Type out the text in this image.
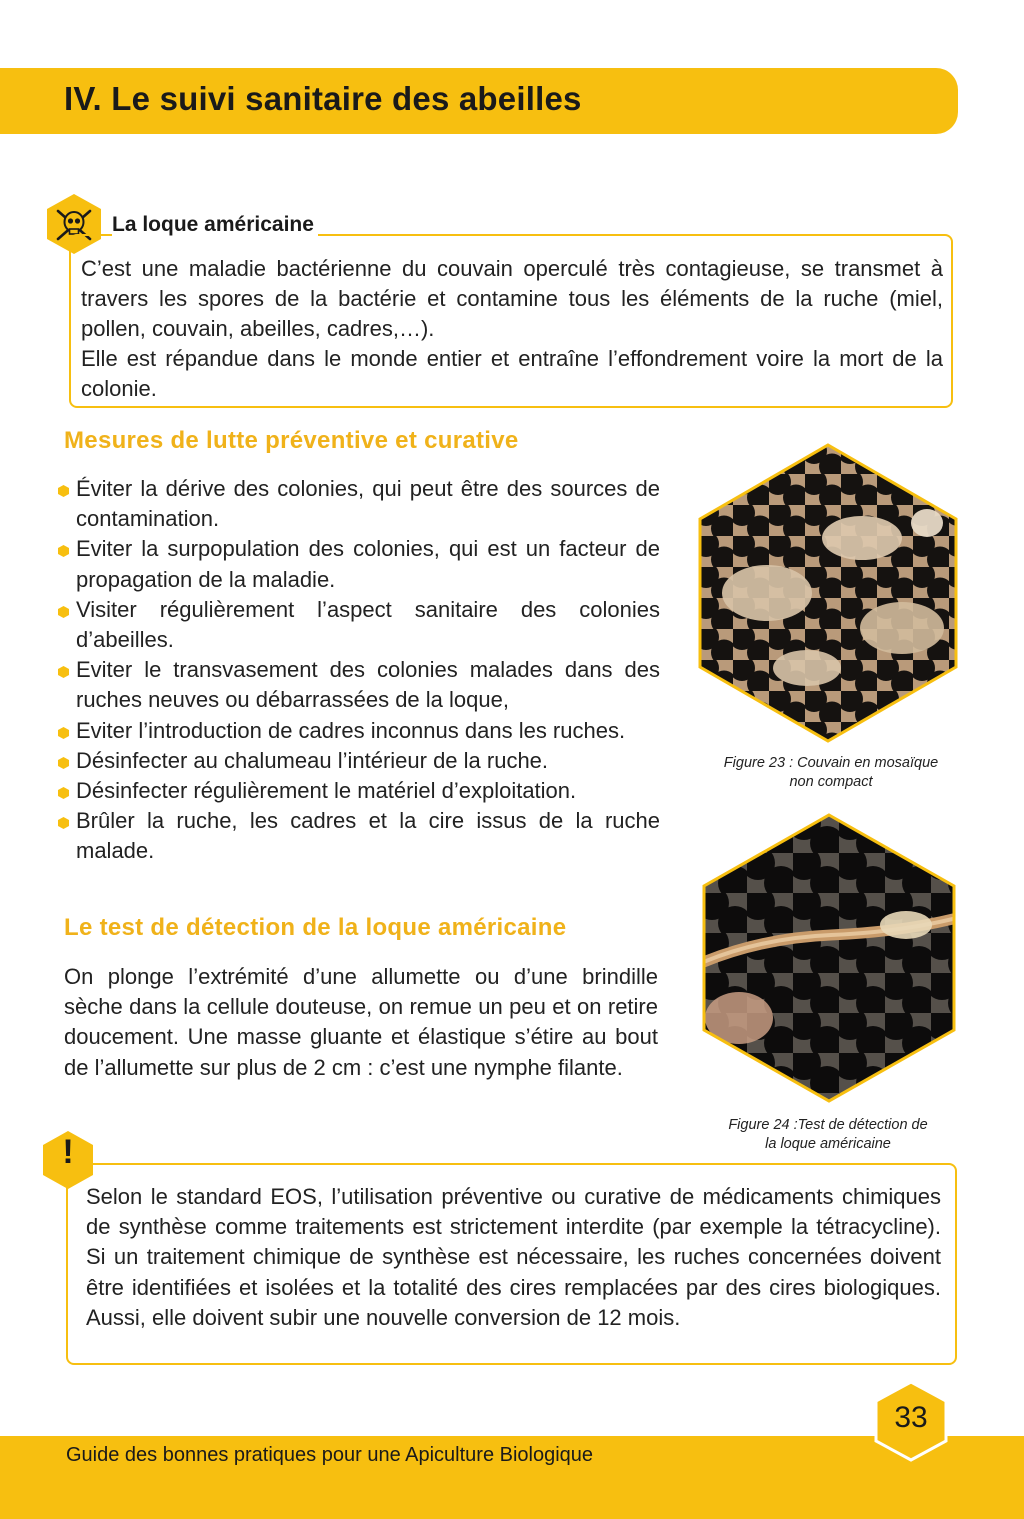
IV. Le suivi sanitaire des abeilles
La loque américaine

C’est une maladie bactérienne du couvain operculé très contagieuse, se transmet à travers les spores de la bactérie et contamine tous les éléments de la ruche (miel, pollen, couvain, abeilles, cadres,…).
Elle est répandue dans le monde entier et entraîne l’effondrement voire la mort de la colonie.

Mesures de lutte préventive et curative
Éviter la dérive des colonies, qui peut être des sources de contamination.
Eviter la surpopulation des colonies, qui est un facteur de propagation de la maladie.
Visiter régulièrement l’aspect sanitaire des colonies d’abeilles.
Eviter le transvasement des colonies malades dans des ruches neuves ou débarrassées de la loque,
Eviter l’introduction de cadres inconnus dans les ruches.
Désinfecter au chalumeau l’intérieur de la ruche.
Désinfecter régulièrement le matériel d’exploitation.
Brûler la ruche, les cadres et la cire issus de la ruche malade.
Le test de détection de la loque américaine

On plonge l’extrémité d’une allumette ou d’une brindille sèche dans la cellule douteuse, on remue un peu et on retire doucement. Une masse gluante et élastique s’étire au bout de l’allumette sur plus de 2 cm : c’est une nymphe filante.

Figure 23 : Couvain en mosaïque
non compact
Figure 24 :Test de détection de
la loque américaine

Selon le standard EOS, l’utilisation préventive ou curative de médicaments chimiques de synthèse comme traitements est strictement interdite (par exemple la tétracycline). Si un traitement chimique de synthèse est nécessaire, les ruches concernées doivent être identifiées et isolées et la totalité des cires remplacées par des cires biologiques. Aussi, elle doivent subir une nouvelle conversion de 12 mois.

!
Guide des bonnes pratiques pour une Apiculture Biologique
33
